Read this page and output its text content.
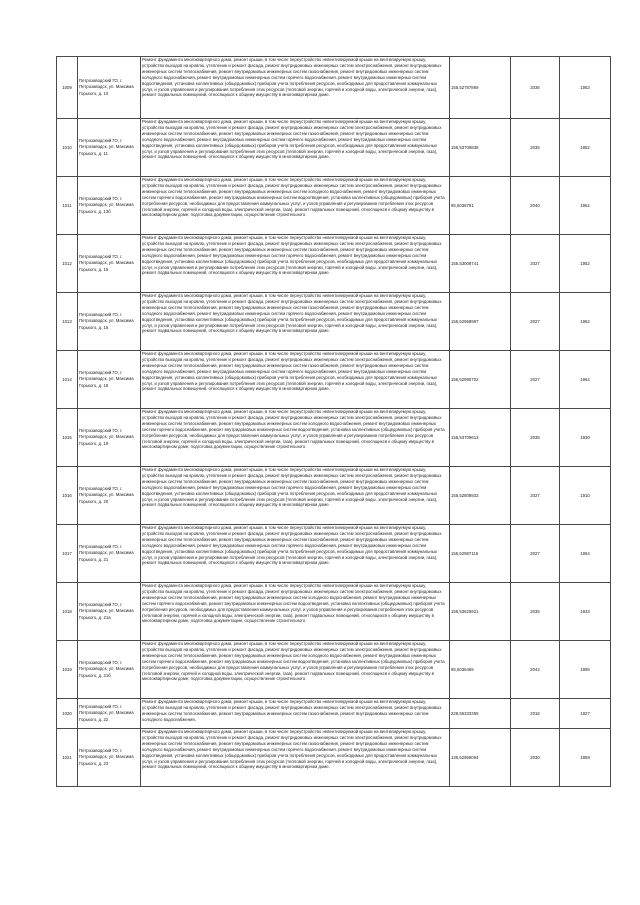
1009	Петрозаводский ГО, г. Петрозаводск, ул. Максима Горького, д. 10	Ремонт фундамента многоквартирного дома, ремонт крыши, в том числе переустройство невентилируемой крыши на вентилируемую крышу, устройство выходов на кровлю, утепление и ремонт фасада, ремонт внутридомовых инженерных систем электроснабжения, ремонт внутридомовых инженерных систем теплоснабжения, ремонт внутридомовых инженерных систем газоснабжения, ремонт внутридомовых инженерных систем холодного водоснабжения, ремонт внутридомовых инженерных систем горячего водоснабжения, ремонт внутридомовых инженерных систем водоотведения, установка коллективных (общедомовых) приборов учета потребления ресурсов, необходимых для предоставления коммунальных услуг, и узлов управления и регулирования потребления этих ресурсов (тепловой энергии, горячей и холодной воды, электрической энергии, газа), ремонт подвальных помещений, относящихся к общему имуществу в многоквартирном доме.	155,52787869	2036	1953

1010	Петрозаводский ГО, г. Петрозаводск, ул. Максима Горького, д. 11	Ремонт фундамента многоквартирного дома, ремонт крыши, в том числе переустройство невентилируемой крыши на вентилируемую крышу, устройство выходов на кровлю, утепление и ремонт фасада, ремонт внутридомовых инженерных систем электроснабжения, ремонт внутридомовых инженерных систем теплоснабжения, ремонт внутридомовых инженерных систем газоснабжения, ремонт внутридомовых инженерных систем холодного водоснабжения, ремонт внутридомовых инженерных систем горячего водоснабжения, ремонт внутридомовых инженерных систем водоотведения, установка коллективных (общедомовых) приборов учета потребления ресурсов, необходимых для предоставления коммунальных услуг, и узлов управления и регулирования потребления этих ресурсов (тепловой энергии, горячей и холодной воды, электрической энергии, газа), ремонт подвальных помещений, относящихся к общему имуществу в многоквартирном доме.	155,53709838	2035	1952

1011	Петрозаводский ГО, г. Петрозаводск, ул. Максима Горького, д. 13б	Ремонт фундамента многоквартирного дома, ремонт крыши, в том числе переустройство невентилируемой крыши на вентилируемую крышу, устройство выходов на кровлю, утепление и ремонт фасада, ремонт внутридомовых инженерных систем электроснабжения, ремонт внутридомовых инженерных систем теплоснабжения, ремонт внутридомовых инженерных систем холодного водоснабжения, ремонт внутридомовых инженерных систем горячего водоснабжения, ремонт внутридомовых инженерных систем водоотведения, установка коллективных (общедомовых) приборов учета потребления ресурсов, необходимых для предоставления коммунальных услуг, и узлов управления и регулирования потребления этих ресурсов (тепловой энергии, горячей и холодной воды, электрической энергии, газа), ремонт подвальных помещений, относящихся к общему имуществу в многоквартирном доме, подготовка документации, осуществление строительного	95,5036791	2040	1962

1012	Петрозаводский ГО, г. Петрозаводск, ул. Максима Горького, д. 15	Ремонт фундамента многоквартирного дома, ремонт крыши, в том числе переустройство невентилируемой крыши на вентилируемую крышу, устройство выходов на кровлю, утепление и ремонт фасада, ремонт внутридомовых инженерных систем электроснабжения, ремонт внутридомовых инженерных систем теплоснабжения, ремонт внутридомовых инженерных систем газоснабжения, ремонт внутридомовых инженерных систем холодного водоснабжения, ремонт внутридомовых инженерных систем горячего водоснабжения, ремонт внутридомовых инженерных систем водоотведения, установка коллективных (общедомовых) приборов учета потребления ресурсов, необходимых для предоставления коммунальных услуг, и узлов управления и регулирования потребления этих ресурсов (тепловой энергии, горячей и холодной воды, электрической энергии, газа), ремонт подвальных помещений, относящихся к общему имуществу в многоквартирном доме.	155,53008741	2027	1952

1013	Петрозаводский ГО, г. Петрозаводск, ул. Максима Горького, д. 16	Ремонт фундамента многоквартирного дома, ремонт крыши, в том числе переустройство невентилируемой крыши на вентилируемую крышу, устройство выходов на кровлю, утепление и ремонт фасада, ремонт внутридомовых инженерных систем электроснабжения, ремонт внутридомовых инженерных систем теплоснабжения, ремонт внутридомовых инженерных систем газоснабжения, ремонт внутридомовых инженерных систем холодного водоснабжения, ремонт внутридомовых инженерных систем горячего водоснабжения, ремонт внутридомовых инженерных систем водоотведения, установка коллективных (общедомовых) приборов учета потребления ресурсов, необходимых для предоставления коммунальных услуг, и узлов управления и регулирования потребления этих ресурсов (тепловой энергии, горячей и холодной воды, электрической энергии, газа), ремонт подвальных помещений, относящихся к общему имуществу в многоквартирном доме.	155,52968997	2027	1962

1014	Петрозаводский ГО, г. Петрозаводск, ул. Максима Горького, д. 18	Ремонт фундамента многоквартирного дома, ремонт крыши, в том числе переустройство невентилируемой крыши на вентилируемую крышу, устройство выходов на кровлю, утепление и ремонт фасада, ремонт внутридомовых инженерных систем электроснабжения, ремонт внутридомовых инженерных систем теплоснабжения, ремонт внутридомовых инженерных систем газоснабжения, ремонт внутридомовых инженерных систем холодного водоснабжения, ремонт внутридомовых инженерных систем горячего водоснабжения, ремонт внутридомовых инженерных систем водоотведения, установка коллективных (общедомовых) приборов учета потребления ресурсов, необходимых для предоставления коммунальных услуг, и узлов управления и регулирования потребления этих ресурсов (тепловой энергии, горячей и холодной воды, электрической энергии, газа), ремонт подвальных помещений, относящихся к общему имуществу в многоквартирном доме.	155,52990702	2027	1964

1015	Петрозаводский ГО, г. Петрозаводск, ул. Максима Горького, д. 19	Ремонт фундамента многоквартирного дома, ремонт крыши, в том числе переустройство невентилируемой крыши на вентилируемую крышу, устройство выходов на кровлю, утепление и ремонт фасада, ремонт внутридомовых инженерных систем электроснабжения, ремонт внутридомовых инженерных систем теплоснабжения, ремонт внутридомовых инженерных систем холодного водоснабжения, ремонт внутридомовых инженерных систем горячего водоснабжения, ремонт внутридомовых инженерных систем водоотведения, установка коллективных (общедомовых) приборов учета потребления ресурсов, необходимых для предоставления коммунальных услуг, и узлов управления и регулирования потребления этих ресурсов (тепловой энергии, горячей и холодной воды, электрической энергии, газа), ремонт подвальных помещений, относящихся к общему имуществу в многоквартирном доме, подготовка документации, осуществление строительного	155,53709613	2035	1930

1016	Петрозаводский ГО, г. Петрозаводск, ул. Максима Горького, д. 20	Ремонт фундамента многоквартирного дома, ремонт крыши, в том числе переустройство невентилируемой крыши на вентилируемую крышу, устройство выходов на кровлю, утепление и ремонт фасада, ремонт внутридомовых инженерных систем электроснабжения, ремонт внутридомовых инженерных систем теплоснабжения, ремонт внутридомовых инженерных систем газоснабжения, ремонт внутридомовых инженерных систем холодного водоснабжения, ремонт внутридомовых инженерных систем горячего водоснабжения, ремонт внутридомовых инженерных систем водоотведения, установка коллективных (общедомовых) приборов учета потребления ресурсов, необходимых для предоставления коммунальных услуг, и узлов управления и регулирования потребления этих ресурсов (тепловой энергии, горячей и холодной воды, электрической энергии, газа), ремонт подвальных помещений, относящихся к общему имуществу в многоквартирном доме.	155,52808933	2027	1910

1017	Петрозаводский ГО, г. Петрозаводск, ул. Максима Горького, д. 21	Ремонт фундамента многоквартирного дома, ремонт крыши, в том числе переустройство невентилируемой крыши на вентилируемую крышу, устройство выходов на кровлю, утепление и ремонт фасада, ремонт внутридомовых инженерных систем электроснабжения, ремонт внутридомовых инженерных систем теплоснабжения, ремонт внутридомовых инженерных систем газоснабжения, ремонт внутридомовых инженерных систем холодного водоснабжения, ремонт внутридомовых инженерных систем горячего водоснабжения, ремонт внутридомовых инженерных систем водоотведения, установка коллективных (общедомовых) приборов учета потребления ресурсов, необходимых для предоставления коммунальных услуг, и узлов управления и регулирования потребления этих ресурсов (тепловой энергии, горячей и холодной воды, электрической энергии, газа), ремонт подвальных помещений, относящихся к общему имуществу в многоквартирном доме.	155,52987115	2027	1954

1018	Петрозаводский ГО, г. Петрозаводск, ул. Максима Горького, д. 21а	Ремонт фундамента многоквартирного дома, ремонт крыши, в том числе переустройство невентилируемой крыши на вентилируемую крышу, устройство выходов на кровлю, утепление и ремонт фасада, ремонт внутридомовых инженерных систем электроснабжения, ремонт внутридомовых инженерных систем теплоснабжения, ремонт внутридомовых инженерных систем холодного водоснабжения, ремонт внутридомовых инженерных систем горячего водоснабжения, ремонт внутридомовых инженерных систем водоотведения, установка коллективных (общедомовых) приборов учета потребления ресурсов, необходимых для предоставления коммунальных услуг, и узлов управления и регулирования потребления этих ресурсов (тепловой энергии, горячей и холодной воды, электрической энергии, газа), ремонт подвальных помещений, относящихся к общему имуществу в многоквартирном доме, подготовка документации, осуществление строительного	155,53625921	2035	1933

1019	Петрозаводский ГО, г. Петрозаводск, ул. Максима Горького, д. 21б	Ремонт фундамента многоквартирного дома, ремонт крыши, в том числе переустройство невентилируемой крыши на вентилируемую крышу, устройство выходов на кровлю, утепление и ремонт фасада, ремонт внутридомовых инженерных систем электроснабжения, ремонт внутридомовых инженерных систем теплоснабжения, ремонт внутридомовых инженерных систем холодного водоснабжения, ремонт внутридомовых инженерных систем горячего водоснабжения, ремонт внутридомовых инженерных систем водоотведения, установка коллективных (общедомовых) приборов учета потребления ресурсов, необходимых для предоставления коммунальных услуг, и узлов управления и регулирования потребления этих ресурсов (тепловой энергии, горячей и холодной воды, электрической энергии, газа), ремонт подвальных помещений, относящихся к общему имуществу в многоквартирном доме, подготовка документации, осуществление строительного	95,5036469	2042	1995

1020	Петрозаводский ГО, г. Петрозаводск, ул. Максима Горького, д. 22	Ремонт фундамента многоквартирного дома, ремонт крыши, в том числе переустройство невентилируемой крыши на вентилируемую крышу, устройство выходов на кровлю, утепление и ремонт фасада, ремонт внутридомовых инженерных систем электроснабжения, ремонт внутридомовых инженерных систем теплоснабжения, ремонт внутридомовых инженерных систем газоснабжения, ремонт внутридомовых инженерных систем холодного водоснабжения,	229,55333355	2016	1927

1021	Петрозаводский ГО, г. Петрозаводск, ул. Максима Горького, д. 23	Ремонт фундамента многоквартирного дома, ремонт крыши, в том числе переустройство невентилируемой крыши на вентилируемую крышу, устройство выходов на кровлю, утепление и ремонт фасада, ремонт внутридомовых инженерных систем электроснабжения, ремонт внутридомовых инженерных систем теплоснабжения, ремонт внутридомовых инженерных систем газоснабжения, ремонт внутридомовых инженерных систем холодного водоснабжения, ремонт внутридомовых инженерных систем горячего водоснабжения, ремонт внутридомовых инженерных систем водоотведения, установка коллективных (общедомовых) приборов учета потребления ресурсов, необходимых для предоставления коммунальных услуг, и узлов управления и регулирования потребления этих ресурсов (тепловой энергии, горячей и холодной воды, электрической энергии, газа), ремонт подвальных помещений, относящихся к общему имуществу в многоквартирном доме.	135,52959094	2030	1959
